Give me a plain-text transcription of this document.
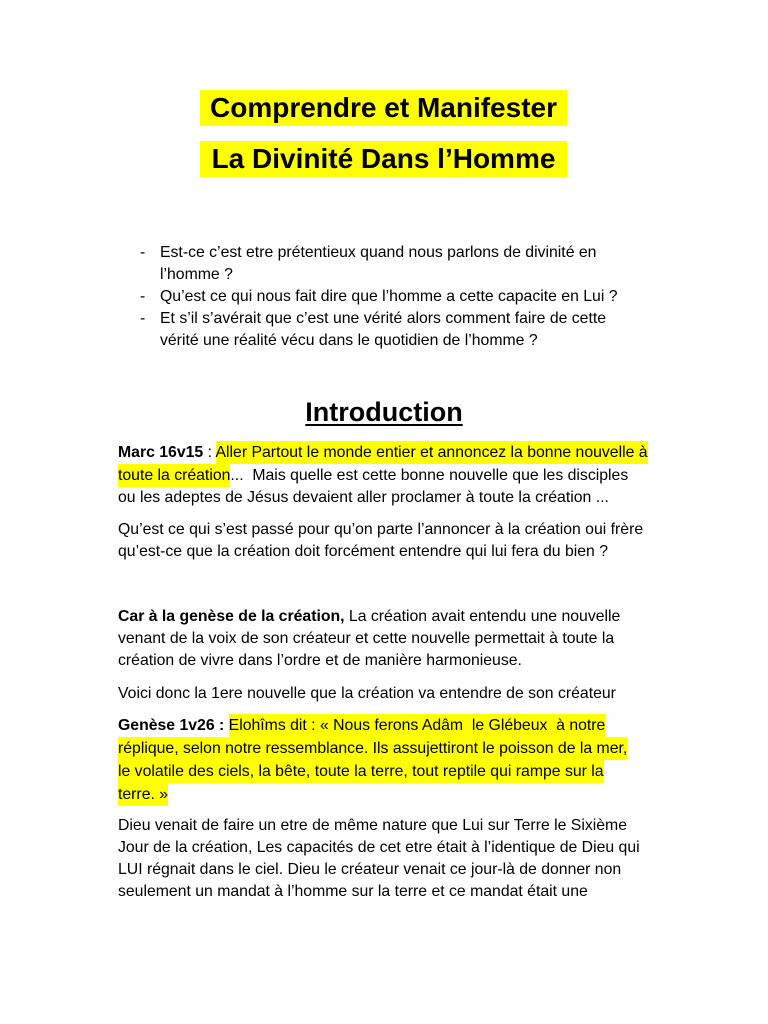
Comprendre et Manifester
La Divinité Dans l’Homme
- Est-ce c’est etre prétentieux quand nous parlons de divinité en
l’homme ?
- Qu’est ce qui nous fait dire que l’homme a cette capacite en Lui ?
- Et s’il s’avérait que c’est une vérité alors comment faire de cette
vérité une réalité vécu dans le quotidien de l’homme ?
Introduction
Marc 16v15 : Aller Partout le monde entier et annoncez la bonne nouvelle à
toute la création...  Mais quelle est cette bonne nouvelle que les disciples
ou les adeptes de Jésus devaient aller proclamer à toute la création ...
Qu’est ce qui s’est passé pour qu’on parte l’annoncer à la création oui frère
qu’est-ce que la création doit forcément entendre qui lui fera du bien ?
Car à la genèse de la création, La création avait entendu une nouvelle
venant de la voix de son créateur et cette nouvelle permettait à toute la
création de vivre dans l’ordre et de manière harmonieuse.
Voici donc la 1ere nouvelle que la création va entendre de son créateur
Genèse 1v26 : Elohîms dit : « Nous ferons Adâm  le Glébeux  à notre
réplique, selon notre ressemblance. Ils assujettiront le poisson de la mer,
le volatile des ciels, la bête, toute la terre, tout reptile qui rampe sur la
terre. »
Dieu venait de faire un etre de même nature que Lui sur Terre le Sixième
Jour de la création, Les capacités de cet etre était à l’identique de Dieu qui
LUI régnait dans le ciel. Dieu le créateur venait ce jour-là de donner non
seulement un mandat à l’homme sur la terre et ce mandat était une
